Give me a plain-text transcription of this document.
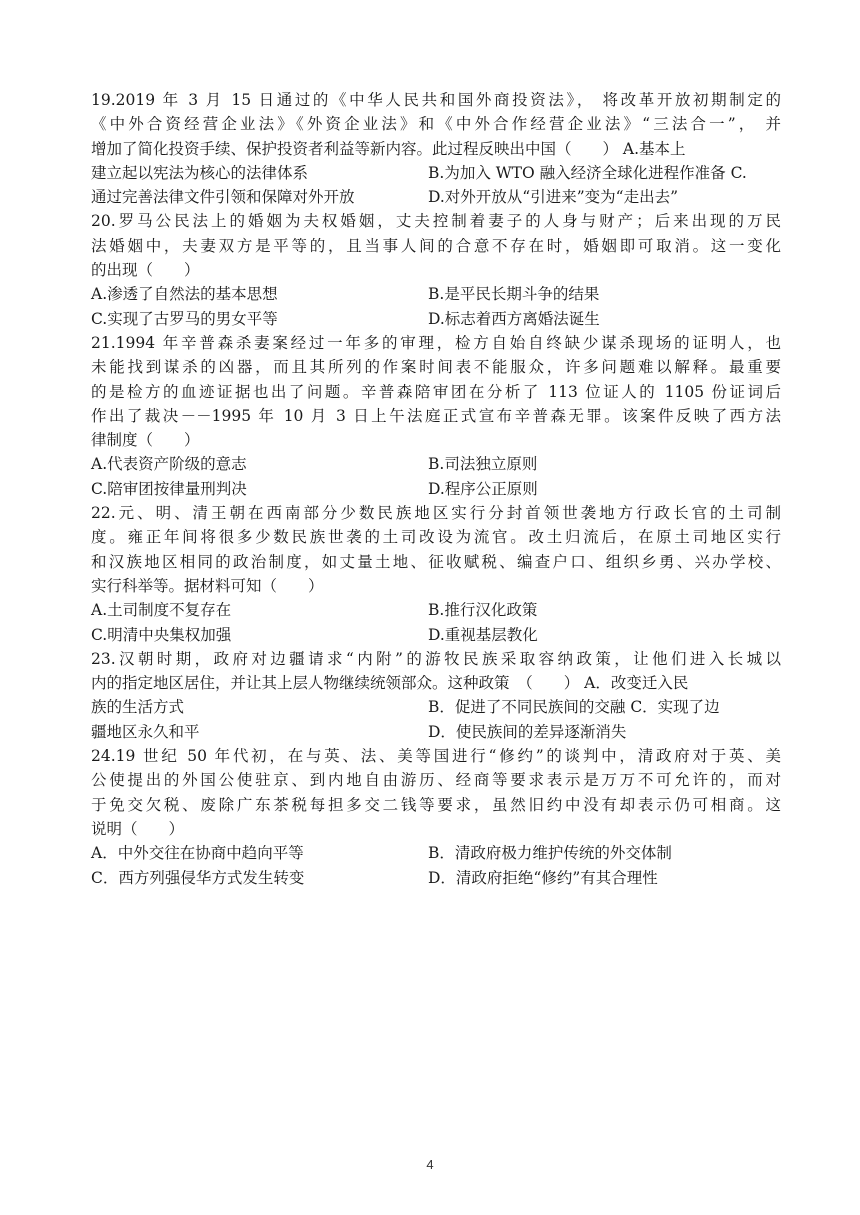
19.2019 年 3 月 15 日通过的《中华人民共和国外商投资法》， 将改革开放初期制定的
《中外合资经营企业法》《外资企业法》和《中外合作经营企业法》“三法合一”， 并
增加了简化投资手续、保护投资者利益等新内容。此过程反映出中国（　　） A.基本上
建立起以宪法为核心的法律体系	B.为加入 WTO 融入经济全球化进程作准备 C.
通过完善法律文件引领和保障对外开放	D.对外开放从“引进来”变为“走出去”
20.罗马公民法上的婚姻为夫权婚姻，丈夫控制着妻子的人身与财产；后来出现的万民
法婚姻中，夫妻双方是平等的，且当事人间的合意不存在时，婚姻即可取消。这一变化
的出现（　　）
A.渗透了自然法的基本思想	B.是平民长期斗争的结果
C.实现了古罗马的男女平等	D.标志着西方离婚法诞生
21.1994 年辛普森杀妻案经过一年多的审理，检方自始自终缺少谋杀现场的证明人，也
未能找到谋杀的凶器，而且其所列的作案时间表不能服众，许多问题难以解释。最重要
的是检方的血迹证据也出了问题。辛普森陪审团在分析了 113 位证人的 1105 份证词后
作出了裁决－－1995 年 10 月 3 日上午法庭正式宣布辛普森无罪。该案件反映了西方法
律制度（　　）
A.代表资产阶级的意志	B.司法独立原则
C.陪审团按律量刑判决	D.程序公正原则
22.元、明、清王朝在西南部分少数民族地区实行分封首领世袭地方行政长官的土司制
度。雍正年间将很多少数民族世袭的土司改设为流官。改土归流后，在原土司地区实行
和汉族地区相同的政治制度，如丈量土地、征收赋税、编查户口、组织乡勇、兴办学校、
实行科举等。据材料可知（　　）
A.土司制度不复存在	B.推行汉化政策
C.明清中央集权加强	D.重视基层教化
23.汉朝时期，政府对边疆请求“内附”的游牧民族采取容纳政策，让他们进入长城以
内的指定地区居住，并让其上层人物继续统领部众。这种政策　（　　） A．改变迁入民
族的生活方式	B．促进了不同民族间的交融 C．实现了边
疆地区永久和平	D．使民族间的差异逐渐消失
24.19 世纪 50 年代初，在与英、法、美等国进行“修约”的谈判中，清政府对于英、美
公使提出的外国公使驻京、到内地自由游历、经商等要求表示是万万不可允许的，而对
于免交欠税、废除广东茶税每担多交二钱等要求，虽然旧约中没有却表示仍可相商。这
说明（　　）
A．中外交往在协商中趋向平等	B．清政府极力维护传统的外交体制
C．西方列强侵华方式发生转变	D．清政府拒绝“修约”有其合理性
4
